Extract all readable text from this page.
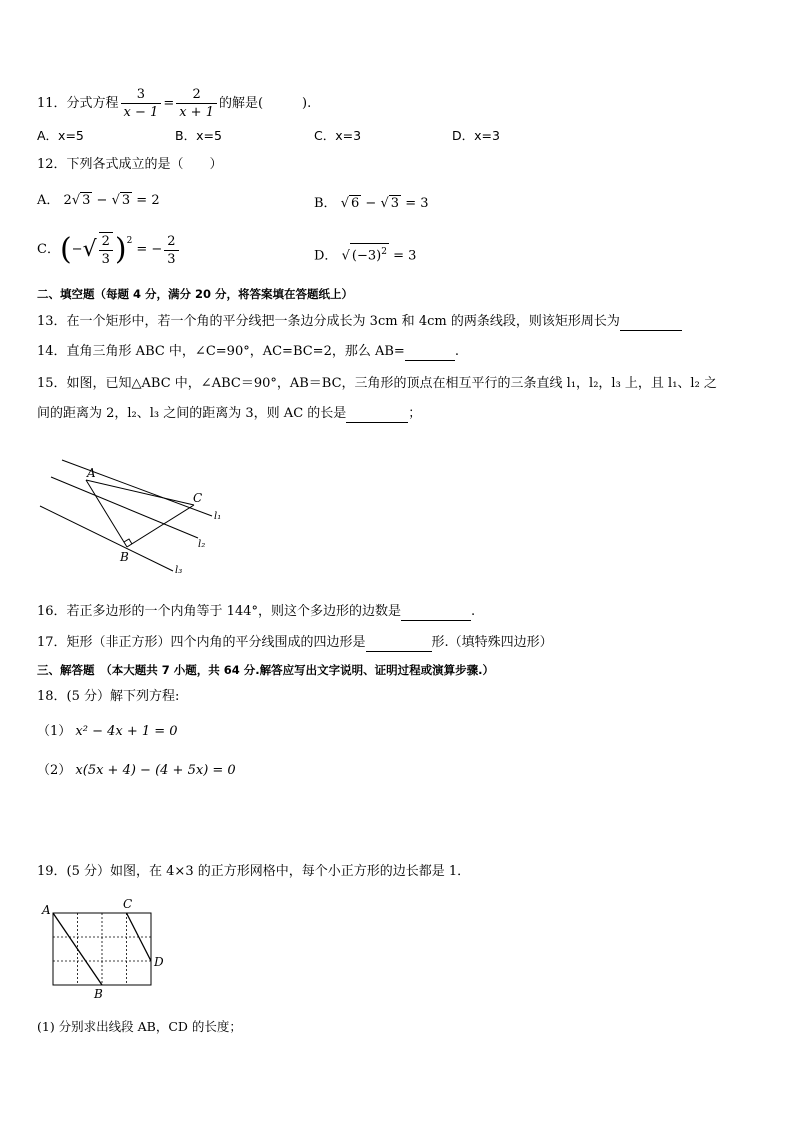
11．分式方程 $\frac{3}{x - 1} = \frac{2}{x + 1}$ 的解是(　　　).
A．x=5	B．x=5	C．x=3	D．x=3
12．下列各式成立的是（　　）
A． 2√ 3 − √ 3 = 2	B． √ 6 − √ 3 = 3
C． ( − √ $\frac{2}{3} )^2$
= − $\frac{2}{3}$	D． √ $(-3)^2 = 3$
二、填空题（每题 4 分，满分 20 分，将答案填在答题纸上）
13．在一个矩形中，若一个角的平分线把一条边分成长为 3cm 和 4cm 的两条线段，则该矩形周长为
14．直角三角形 ABC 中，∠C=90°，AC=BC=2，那么 AB=	.
15．如图，已知△ABC 中，∠ABC＝90°，AB＝BC，三角形的顶点在相互平行的三条直线 l₁，l₂，l₃ 上，且 l₁、l₂ 之
间的距离为 2，l₂、l₃ 之间的距离为 3，则 AC 的长是	；
A
B
C
l₁
l₂
l₃
16．若正多边形的一个内角等于 144°，则这个多边形的边数是	.
17．矩形（非正方形）四个内角的平分线围成的四边形是	形.（填特殊四边形）
三、解答题　（本大题共 7 小题，共 64 分.解答应写出文字说明、证明过程或演算步骤.）
18．(5 分）解下列方程:
（1） x² − 4x + 1 = 0
（2） x(5x + 4) − (4 + 5x) = 0
19．(5 分）如图，在 4×3 的正方形网格中，每个小正方形的边长都是 1．
A
B
C
D
(1) 分别求出线段 AB，CD 的长度；
